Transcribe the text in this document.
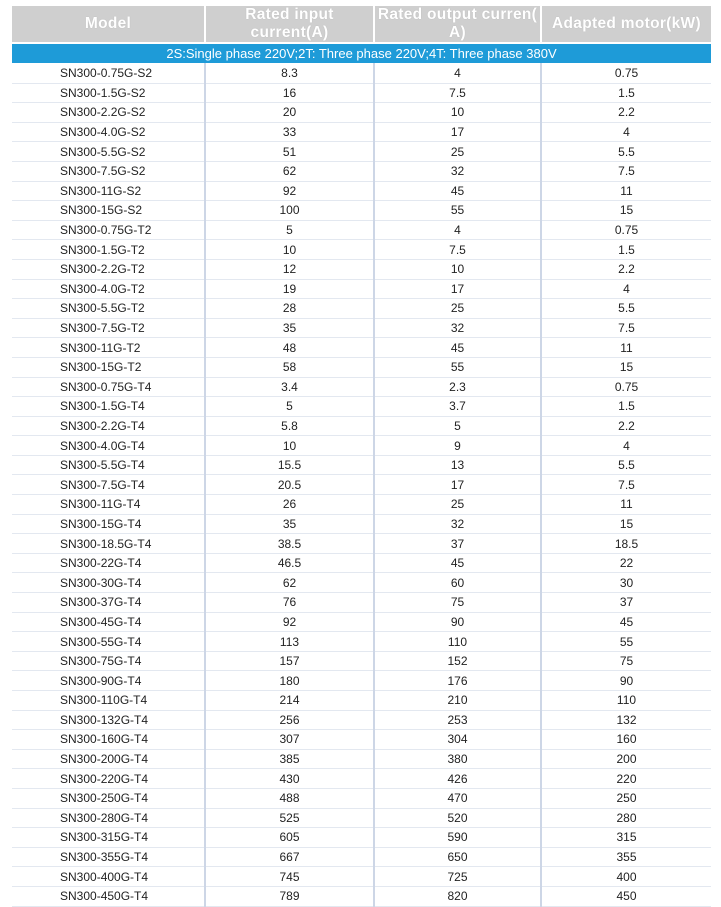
Model	Rated input current(A)	Rated output curren( A)	Adapted motor(kW)
2S:Single phase 220V;2T: Three phase 220V;4T: Three phase 380V			
SN300-0.75G-S2	8.3	4	0.75
SN300-1.5G-S2	16	7.5	1.5
SN300-2.2G-S2	20	10	2.2
SN300-4.0G-S2	33	17	4
SN300-5.5G-S2	51	25	5.5
SN300-7.5G-S2	62	32	7.5
SN300-11G-S2	92	45	11
SN300-15G-S2	100	55	15
SN300-0.75G-T2	5	4	0.75
SN300-1.5G-T2	10	7.5	1.5
SN300-2.2G-T2	12	10	2.2
SN300-4.0G-T2	19	17	4
SN300-5.5G-T2	28	25	5.5
SN300-7.5G-T2	35	32	7.5
SN300-11G-T2	48	45	11
SN300-15G-T2	58	55	15
SN300-0.75G-T4	3.4	2.3	0.75
SN300-1.5G-T4	5	3.7	1.5
SN300-2.2G-T4	5.8	5	2.2
SN300-4.0G-T4	10	9	4
SN300-5.5G-T4	15.5	13	5.5
SN300-7.5G-T4	20.5	17	7.5
SN300-11G-T4	26	25	11
SN300-15G-T4	35	32	15
SN300-18.5G-T4	38.5	37	18.5
SN300-22G-T4	46.5	45	22
SN300-30G-T4	62	60	30
SN300-37G-T4	76	75	37
SN300-45G-T4	92	90	45
SN300-55G-T4	113	110	55
SN300-75G-T4	157	152	75
SN300-90G-T4	180	176	90
SN300-110G-T4	214	210	110
SN300-132G-T4	256	253	132
SN300-160G-T4	307	304	160
SN300-200G-T4	385	380	200
SN300-220G-T4	430	426	220
SN300-250G-T4	488	470	250
SN300-280G-T4	525	520	280
SN300-315G-T4	605	590	315
SN300-355G-T4	667	650	355
SN300-400G-T4	745	725	400
SN300-450G-T4	789	820	450
